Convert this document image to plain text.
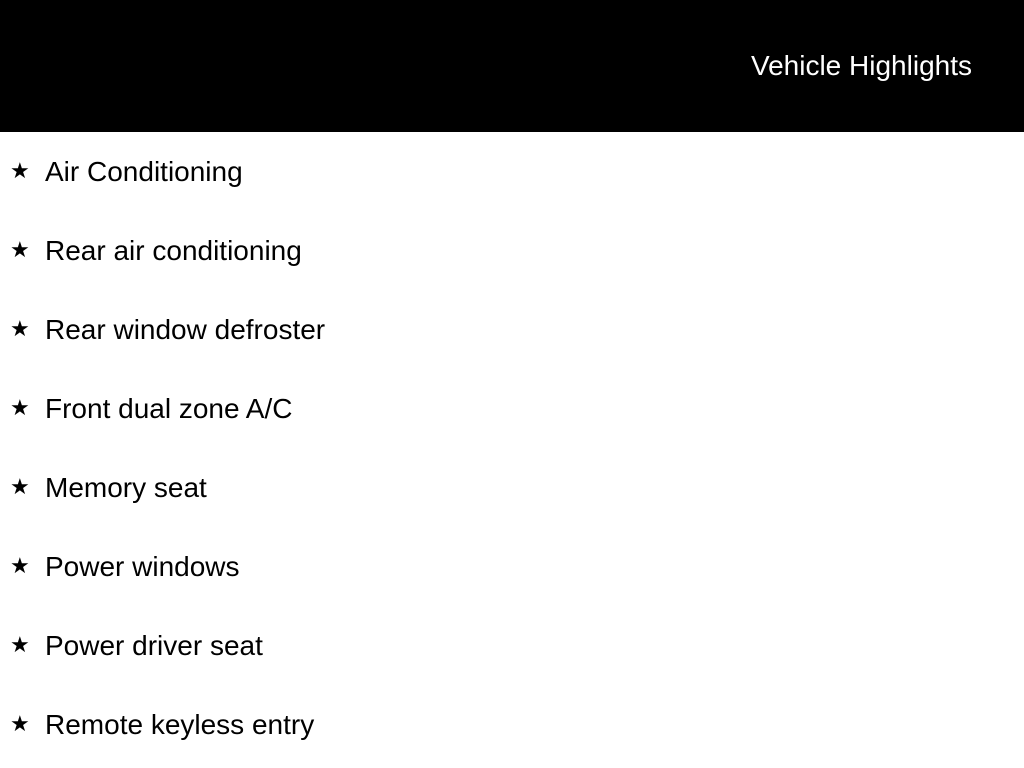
Vehicle Highlights
★ Air Conditioning
★ Rear air conditioning
★ Rear window defroster
★ Front dual zone A/C
★ Memory seat
★ Power windows
★ Power driver seat
★ Remote keyless entry
